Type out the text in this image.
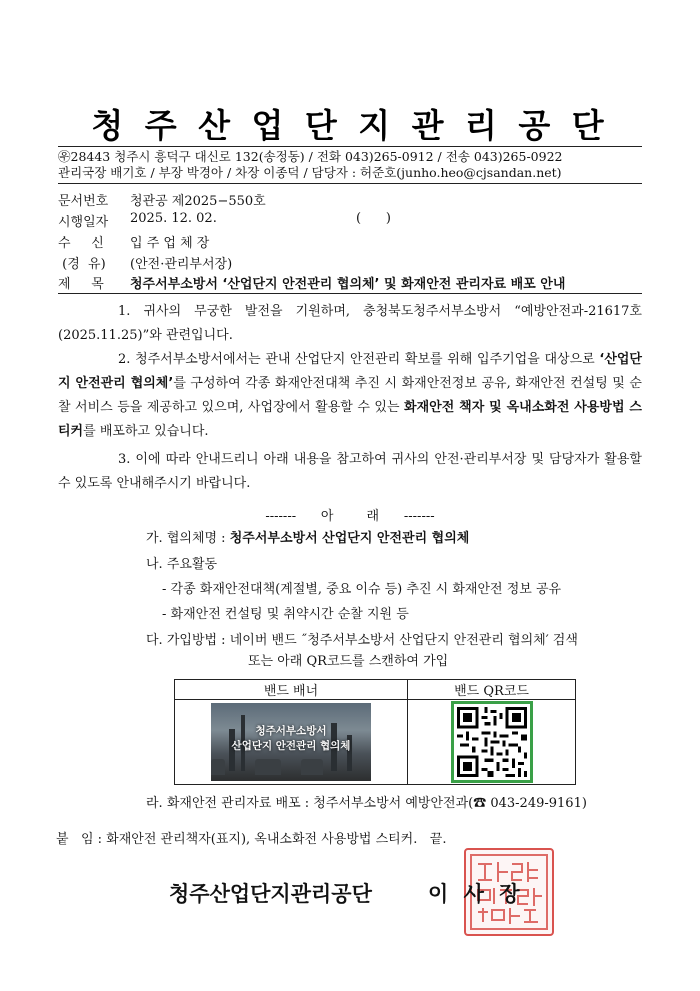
청 주 산 업 단 지 관 리 공 단
㉾28443 청주시 흥덕구 대신로 132(송정동) / 전화 043)265-0912 / 전송 043)265-0922
관리국장 배기호 / 부장 박경아 / 차장 이종덕 / 담당자 : 허준호(junho.heo@cjsandan.net)
문서번호 청관공 제2025−550호
시행일자 2025. 12. 02.	(      )
수     신 입 주 업 체 장
(경  유) (안전·관리부서장)
제     목 청주서부소방서 ‘산업단지 안전관리 협의체’ 및 화재안전 관리자료 배포 안내
1. 귀사의 무궁한 발전을 기원하며, 충청북도청주서부소방서 “예방안전과-21617호 (2025.11.25)”와 관련입니다.
2. 청주서부소방서에서는 관내 산업단지 안전관리 확보를 위해 입주기업을 대상으로 ‘산업단지 안전관리 협의체’를 구성하여 각종 화재안전대책 추진 시 화재안전정보 공유, 화재안전 컨설팅 및 순찰 서비스 등을 제공하고 있으며, 사업장에서 활용할 수 있는 화재안전 책자 및 옥내소화전 사용방법 스티커를 배포하고 있습니다.
3. 이에 따라 안내드리니 아래 내용을 참고하여 귀사의 안전·관리부서장 및 담당자가 활용할 수 있도록 안내해주시기 바랍니다.
-------      아        래      -------
가. 협의체명 : 청주서부소방서 산업단지 안전관리 협의체
나. 주요활동
- 각종 화재안전대책(계절별, 중요 이슈 등) 추진 시 화재안전 정보 공유
- 화재안전 컨설팅 및 취약시간 순찰 지원 등
다. 가입방법 : 네이버 밴드 ˝청주서부소방서 산업단지 안전관리 협의체′ 검색
또는 아래 QR코드를 스캔하여 가입
밴드 배너	밴드 QR코드

청주서부소방서
산업단지 안전관리 협의체

라. 화재안전 관리자료 배포 : 청주서부소방서 예방안전과(☎ 043-249-9161)
붙   임 : 화재안전 관리책자(표지), 옥내소화전 사용방법 스티커.   끝.
청주산업단지관리공단	이 사 장
